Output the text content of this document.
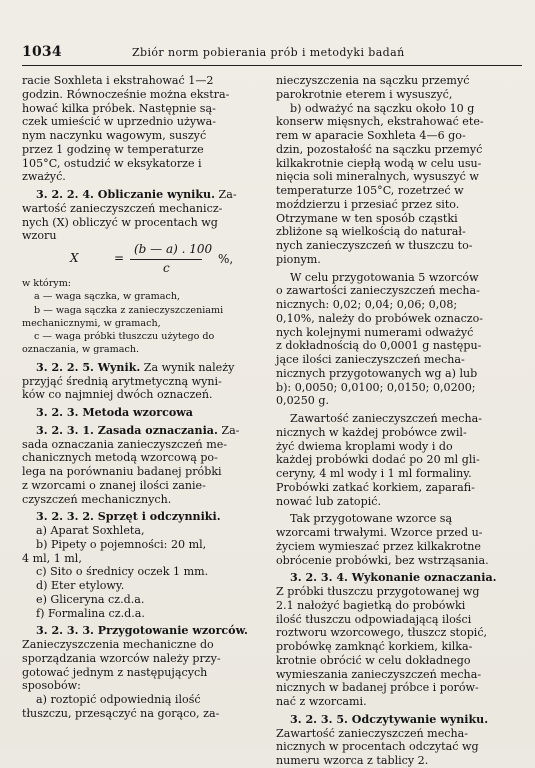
1034	Zbiór norm pobierania prób i metodyki badań
racie Soxhleta i ekstrahować 1—2
godzin. Równocześnie można ekstra-
hować kilka próbek. Następnie są-
czek umieścić w uprzednio używa-
nym naczynku wagowym, suszyć
przez 1 godzinę w temperaturze
105°C, ostudzić w eksykatorze i
zważyć.
3. 2. 2. 4. Obliczanie wyniku. Za-
wartość zanieczyszczeń mechanicz-
nych (X) obliczyć w procentach wg
wzoru
X	=
(b — a) . 100
c
%,
w którym:
a — waga sączka, w gramach,
b — waga sączka z zanieczyszczeniami
mechanicznymi, w gramach,
c — waga próbki tłuszczu użytego do
oznaczania, w gramach.
3. 2. 2. 5. Wynik. Za wynik należy
przyjąć średnią arytmetyczną wyni-
ków co najmniej dwóch oznaczeń.
3. 2. 3. Metoda wzorcowa
3. 2. 3. 1. Zasada oznaczania. Za-
sada oznaczania zanieczyszczeń me-
chanicznych metodą wzorcową po-
lega na porównaniu badanej próbki
z wzorcami o znanej ilości zanie-
czyszczeń mechanicznych.
3. 2. 3. 2. Sprzęt i odczynniki.
a) Aparat Soxhleta,
b) Pipety o pojemności: 20 ml,
4 ml, 1 ml,
c) Sito o średnicy oczek 1 mm.
d) Eter etylowy.
e) Gliceryna cz.d.a.
f) Formalina cz.d.a.
3. 2. 3. 3. Przygotowanie wzorców.
Zanieczyszczenia mechaniczne do
sporządzania wzorców należy przy-
gotować jednym z następujących
sposobów:
a) roztopić odpowiednią ilość
tłuszczu, przesączyć na gorąco, za-
nieczyszczenia na sączku przemyć
parokrotnie eterem i wysuszyć,
b) odważyć na sączku około 10 g
konserw mięsnych, ekstrahować ete-
rem w aparacie Soxhleta 4—6 go-
dzin, pozostałość na sączku przemyć
kilkakrotnie ciepłą wodą w celu usu-
nięcia soli mineralnych, wysuszyć w
temperaturze 105°C, rozetrzeć w
moździerzu i przesiać przez sito.
Otrzymane w ten sposób cząstki
zbliżone są wielkością do naturał-
nych zanieczyszczeń w tłuszczu to-
pionym.
W celu przygotowania 5 wzorców
o zawartości zanieczyszczeń mecha-
nicznych: 0,02; 0,04; 0,06; 0,08;
0,10%, należy do probówek oznaczo-
nych kolejnymi numerami odważyć
z dokładnością do 0,0001 g następu-
jące ilości zanieczyszczeń mecha-
nicznych przygotowanych wg a) lub
b): 0,0050; 0,0100; 0,0150; 0,0200;
0,0250 g.
Zawartość zanieczyszczeń mecha-
nicznych w każdej probówce zwil-
żyć dwiema kroplami wody i do
każdej probówki dodać po 20 ml gli-
ceryny, 4 ml wody i 1 ml formaliny.
Probówki zatkać korkiem, zaparafi-
nować lub zatopić.
Tak przygotowane wzorce są
wzorcami trwałymi. Wzorce przed u-
życiem wymieszać przez kilkakrotne
obrócenie probówki, bez wstrząsania.
3. 2. 3. 4. Wykonanie oznaczania.
Z próbki tłuszczu przygotowanej wg
2.1 nałożyć bagietką do probówki
ilość tłuszczu odpowiadającą ilości
roztworu wzorcowego, tłuszcz stopić,
probówkę zamknąć korkiem, kilka-
krotnie obrócić w celu dokładnego
wymieszania zanieczyszczeń mecha-
nicznych w badanej próbce i porów-
nać z wzorcami.
3. 2. 3. 5. Odczytywanie wyniku.
Zawartość zanieczyszczeń mecha-
nicznych w procentach odczytać wg
numeru wzorca z tablicy 2.
